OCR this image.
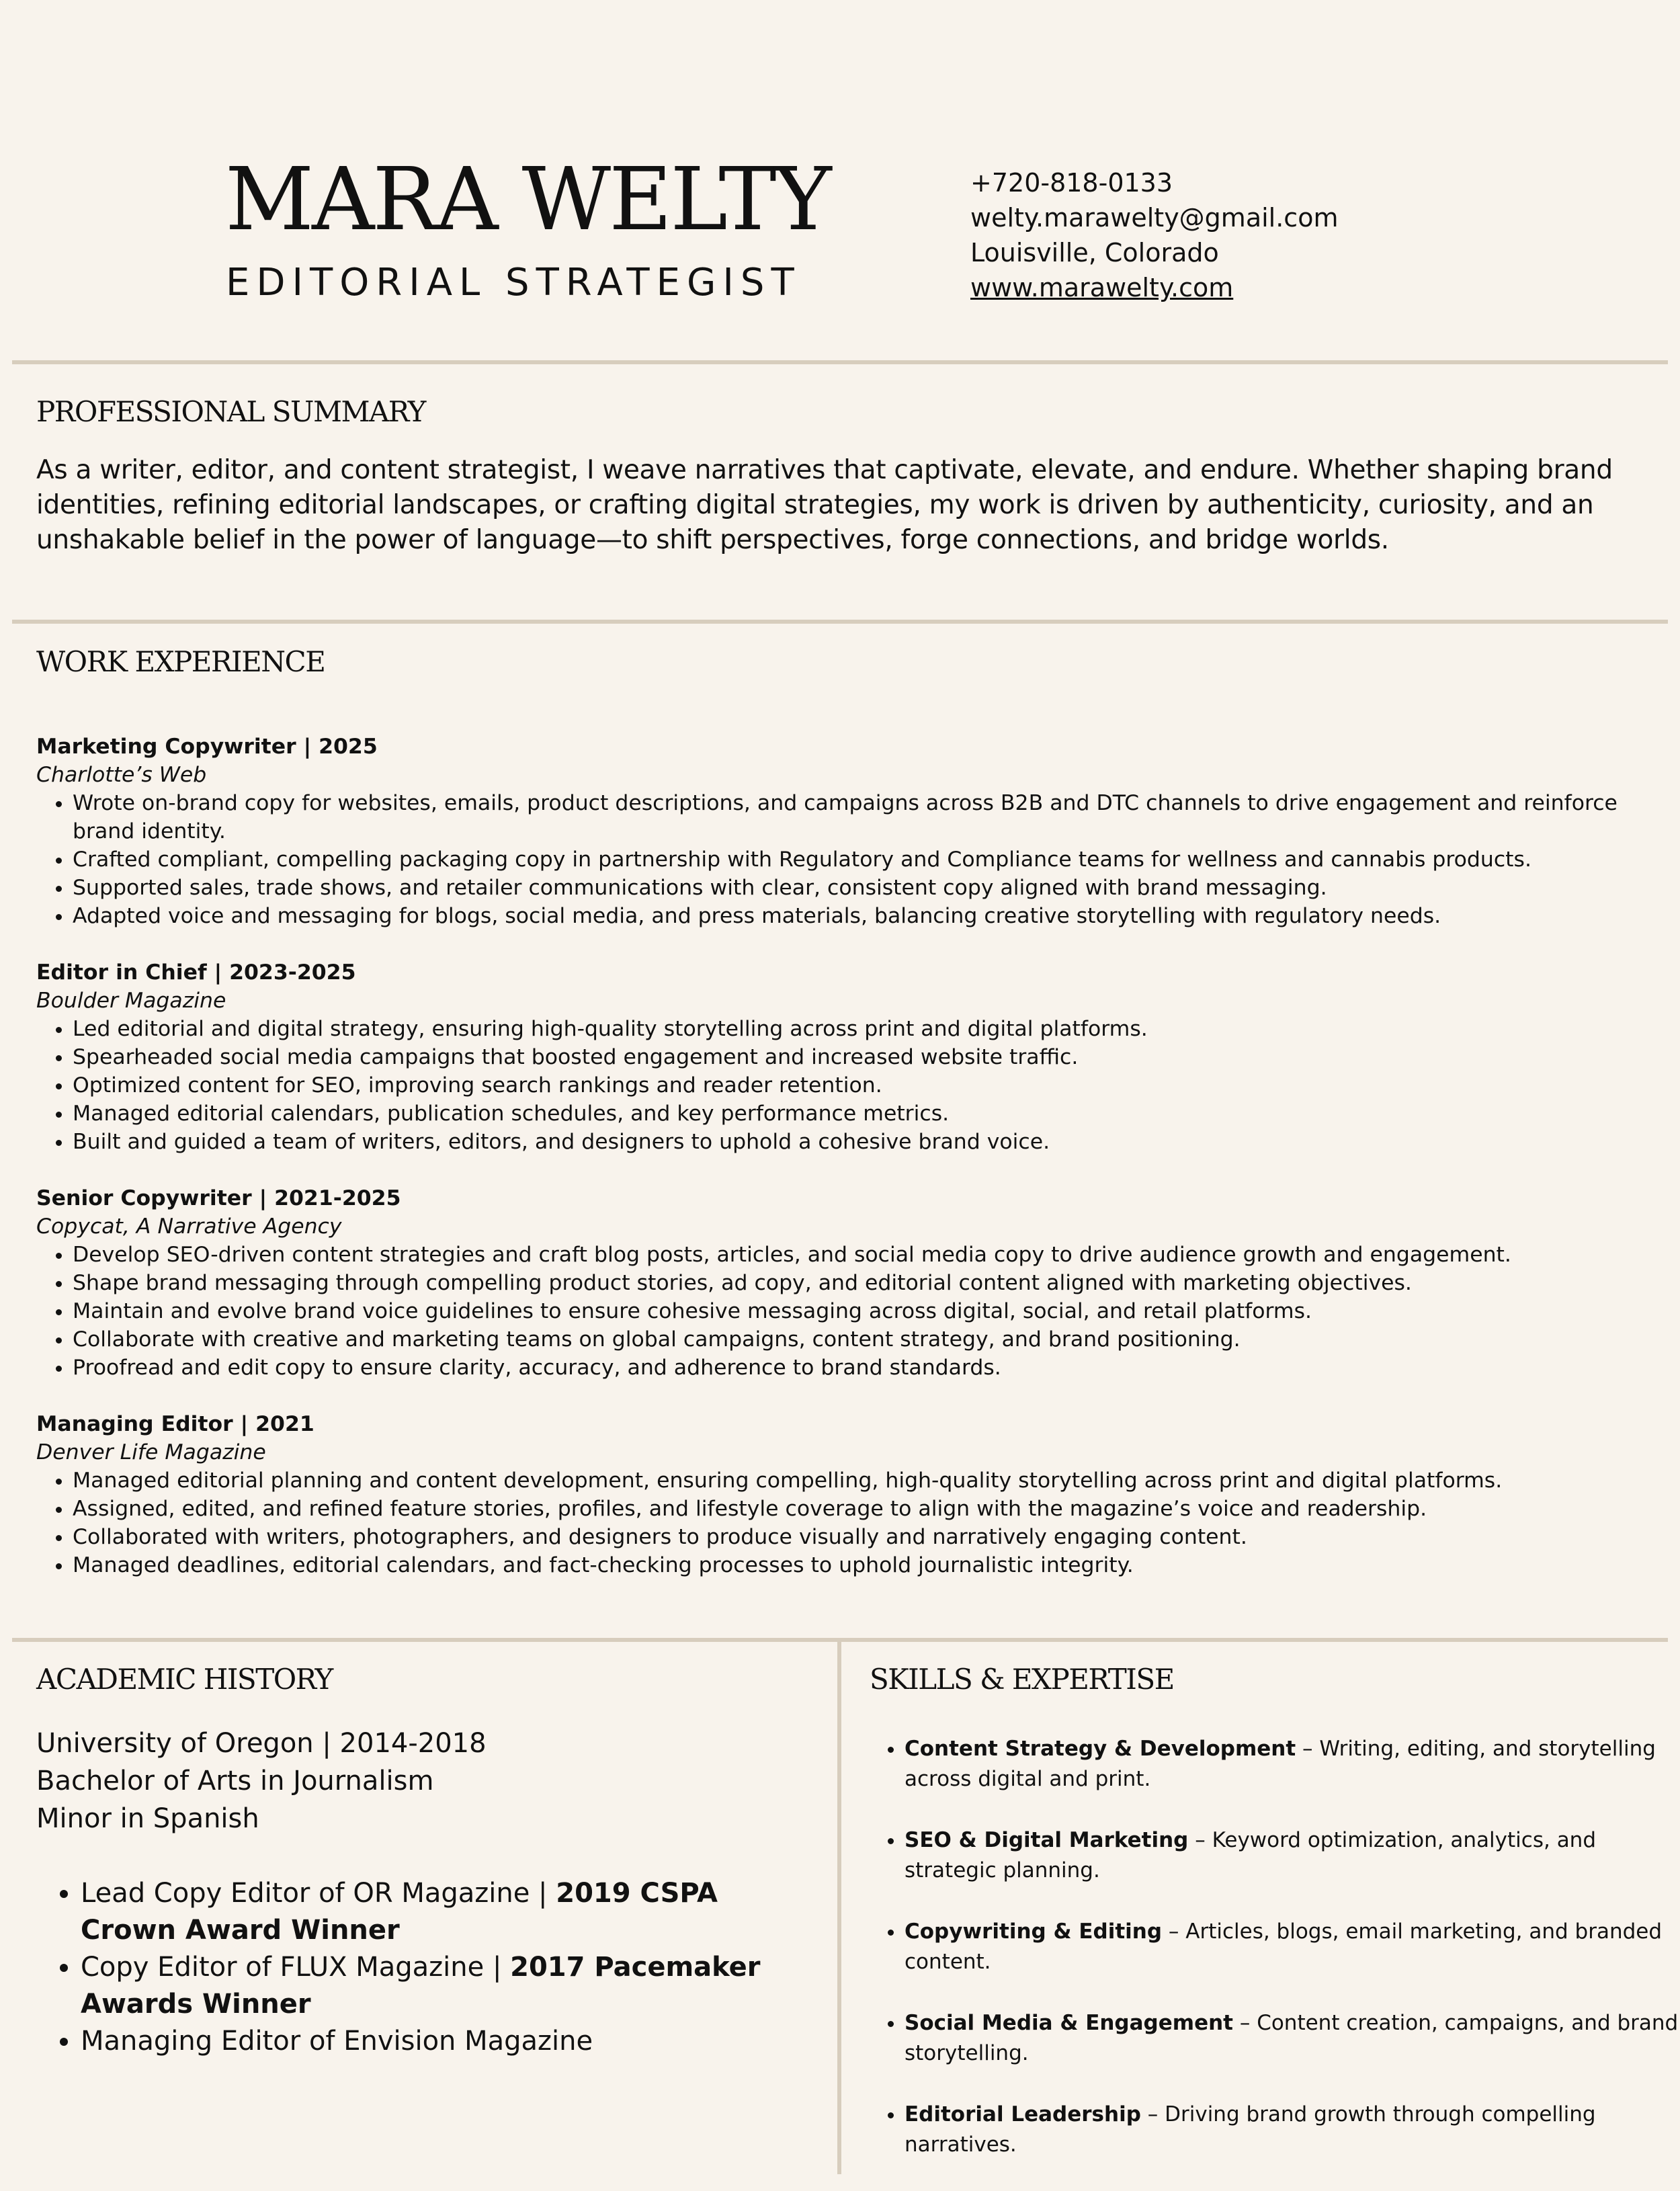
MARA WELTY
EDITORIAL STRATEGIST
+720-818-0133
welty.marawelty@gmail.com
Louisville, Colorado
www.marawelty.com
PROFESSIONAL SUMMARY

As a writer, editor, and content strategist, I weave narratives that captivate, elevate, and endure. Whether shaping brand identities, refining editorial landscapes, or crafting digital strategies, my work is driven by authenticity, curiosity, and an unshakable belief in the power of language—to shift perspectives, forge connections, and bridge worlds.

WORK EXPERIENCE
Marketing Copywriter | 2025
Charlotte’s Web
• Wrote on-brand copy for websites, emails, product descriptions, and campaigns across B2B and DTC channels to drive engagement and reinforce brand identity.
• Crafted compliant, compelling packaging copy in partnership with Regulatory and Compliance teams for wellness and cannabis products.
• Supported sales, trade shows, and retailer communications with clear, consistent copy aligned with brand messaging.
• Adapted voice and messaging for blogs, social media, and press materials, balancing creative storytelling with regulatory needs.
Editor in Chief | 2023-2025
Boulder Magazine
• Led editorial and digital strategy, ensuring high-quality storytelling across print and digital platforms.
• Spearheaded social media campaigns that boosted engagement and increased website traffic.
• Optimized content for SEO, improving search rankings and reader retention.
• Managed editorial calendars, publication schedules, and key performance metrics.
• Built and guided a team of writers, editors, and designers to uphold a cohesive brand voice.
Senior Copywriter | 2021-2025
Copycat, A Narrative Agency
• Develop SEO-driven content strategies and craft blog posts, articles, and social media copy to drive audience growth and engagement.
• Shape brand messaging through compelling product stories, ad copy, and editorial content aligned with marketing objectives.
• Maintain and evolve brand voice guidelines to ensure cohesive messaging across digital, social, and retail platforms.
• Collaborate with creative and marketing teams on global campaigns, content strategy, and brand positioning.
• Proofread and edit copy to ensure clarity, accuracy, and adherence to brand standards.
Managing Editor | 2021
Denver Life Magazine
• Managed editorial planning and content development, ensuring compelling, high-quality storytelling across print and digital platforms.
• Assigned, edited, and refined feature stories, profiles, and lifestyle coverage to align with the magazine’s voice and readership.
• Collaborated with writers, photographers, and designers to produce visually and narratively engaging content.
• Managed deadlines, editorial calendars, and fact-checking processes to uphold journalistic integrity.
ACADEMIC HISTORY
University of Oregon | 2014-2018
Bachelor of Arts in Journalism
Minor in Spanish
• Lead Copy Editor of OR Magazine | 2019 CSPA Crown Award Winner
• Copy Editor of FLUX Magazine | 2017 Pacemaker Awards Winner
• Managing Editor of Envision Magazine
SKILLS & EXPERTISE
• Content Strategy & Development – Writing, editing, and storytelling across digital and print.
• SEO & Digital Marketing – Keyword optimization, analytics, and strategic planning.
• Copywriting & Editing – Articles, blogs, email marketing, and branded content.
• Social Media & Engagement – Content creation, campaigns, and brand storytelling.
• Editorial Leadership – Driving brand growth through compelling narratives.
